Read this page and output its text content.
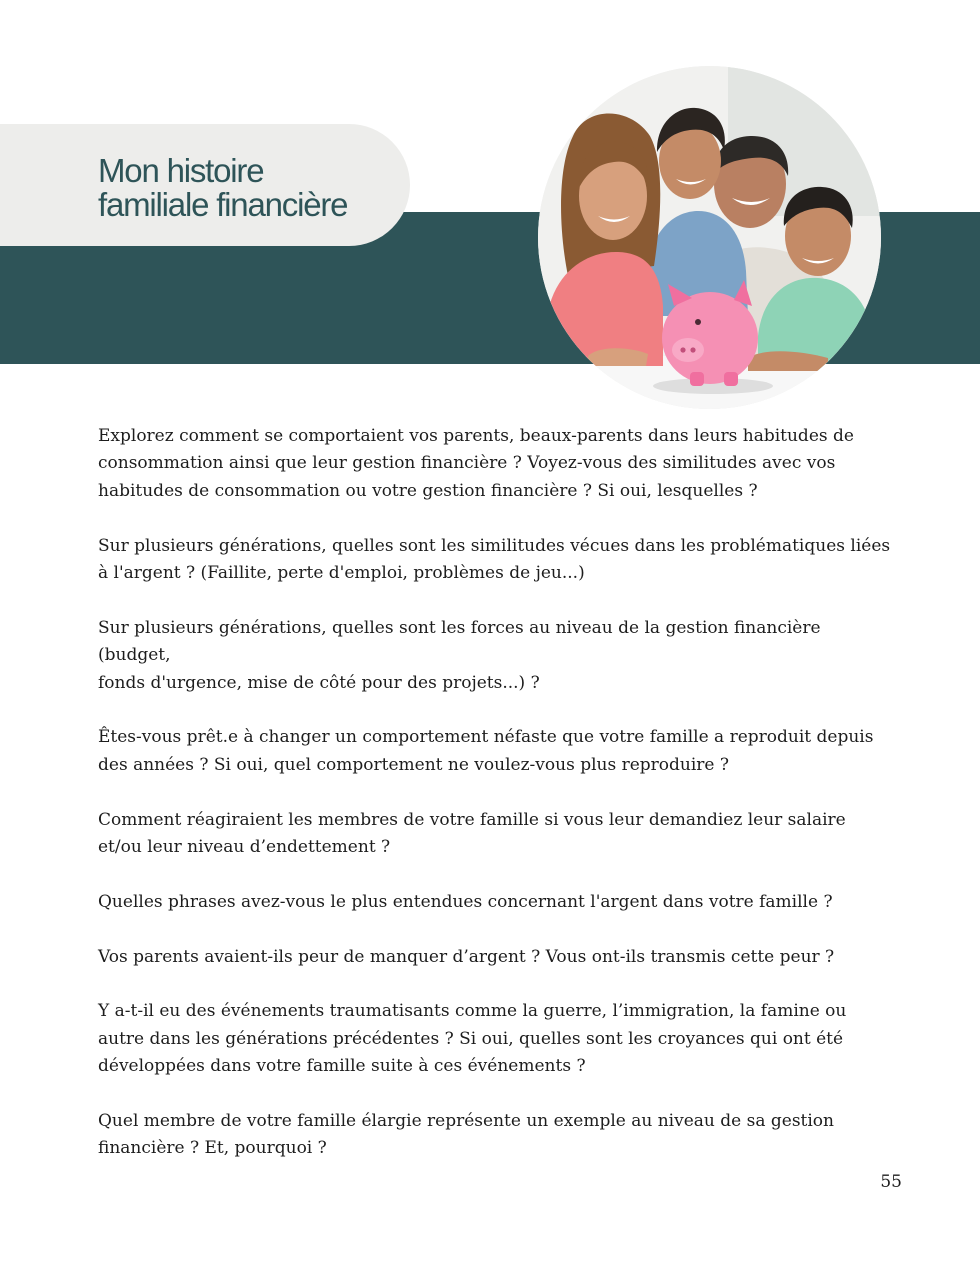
Mon histoire
familiale financière
Explorez comment se comportaient vos parents, beaux-parents dans leurs habitudes de
consommation ainsi que leur gestion financière ? Voyez-vous des similitudes avec vos
habitudes de consommation ou votre gestion financière ? Si oui, lesquelles ?
Sur plusieurs générations, quelles sont les similitudes vécues dans les problématiques liées
à l'argent ? (Faillite, perte d'emploi, problèmes de jeu...)
Sur plusieurs générations, quelles sont les forces au niveau de la gestion financière (budget,
fonds d'urgence, mise de côté pour des projets...) ?
Êtes-vous prêt.e à changer un comportement néfaste que votre famille a reproduit depuis
des années ? Si oui, quel comportement ne voulez-vous plus reproduire ?
Comment réagiraient les membres de votre famille si vous leur demandiez leur salaire
et/ou leur niveau d’endettement ?
Quelles phrases avez-vous le plus entendues concernant l'argent dans votre famille ?
Vos parents avaient-ils peur de manquer d’argent ? Vous ont-ils transmis cette peur ?
Y a-t-il eu des événements traumatisants comme la guerre, l’immigration, la famine ou
autre dans les générations précédentes ? Si oui, quelles sont les croyances qui ont été
développées dans votre famille suite à ces événements ?
Quel membre de votre famille élargie représente un exemple au niveau de sa gestion
financière ? Et, pourquoi ?
55
